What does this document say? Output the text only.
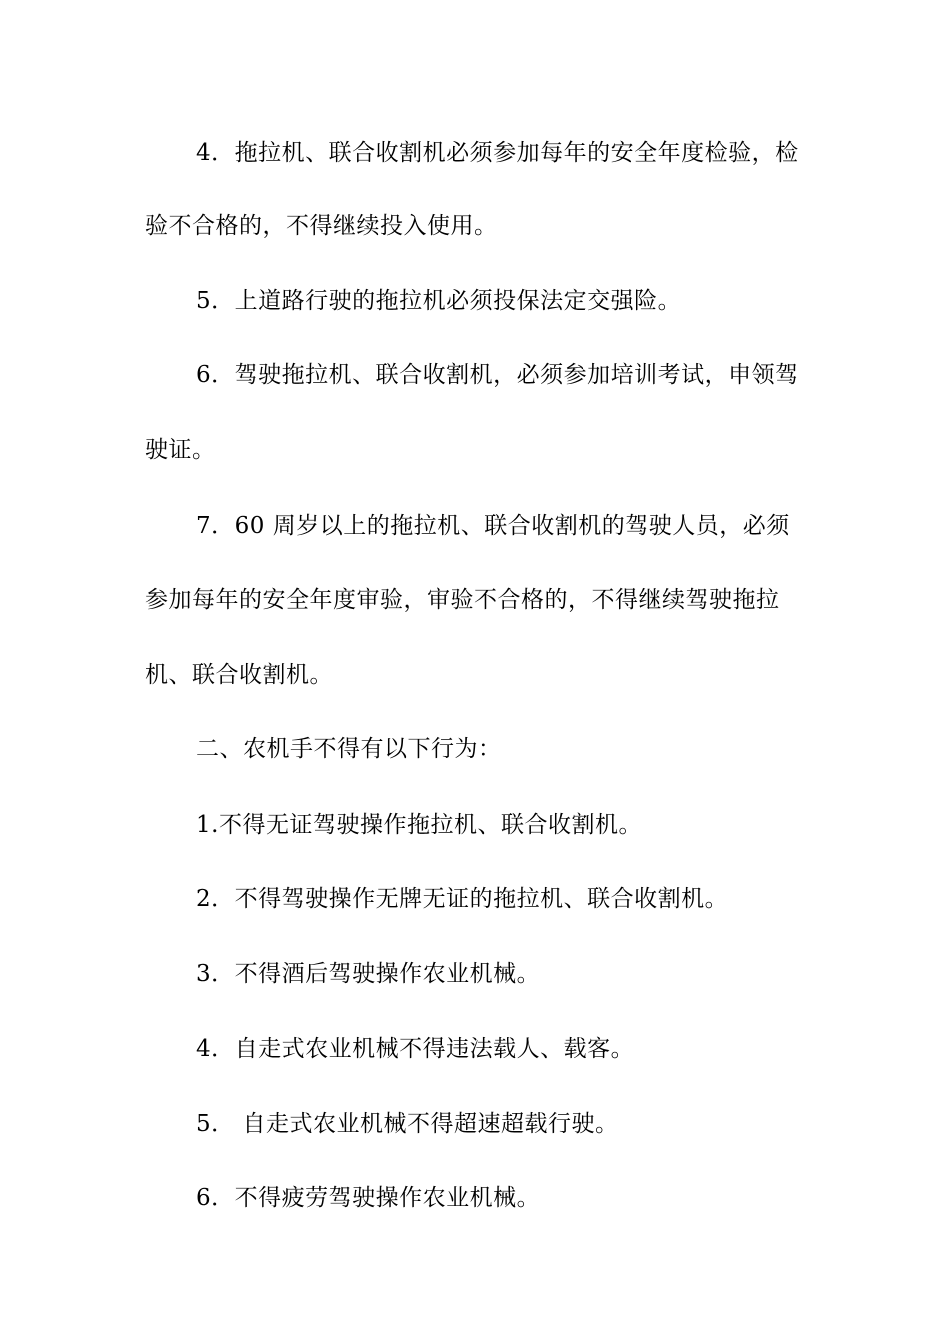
4．拖拉机、联合收割机必须参加每年的安全年度检验，检
验不合格的，不得继续投入使用。
5．上道路行驶的拖拉机必须投保法定交强险。
6．驾驶拖拉机、联合收割机，必须参加培训考试，申领驾
驶证。
7．60 周岁以上的拖拉机、联合收割机的驾驶人员，必须
参加每年的安全年度审验，审验不合格的，不得继续驾驶拖拉
机、联合收割机。
二、农机手不得有以下行为：
1.不得无证驾驶操作拖拉机、联合收割机。
2．不得驾驶操作无牌无证的拖拉机、联合收割机。
3．不得酒后驾驶操作农业机械。
4．自走式农业机械不得违法载人、载客。
5． 自走式农业机械不得超速超载行驶。
6．不得疲劳驾驶操作农业机械。
